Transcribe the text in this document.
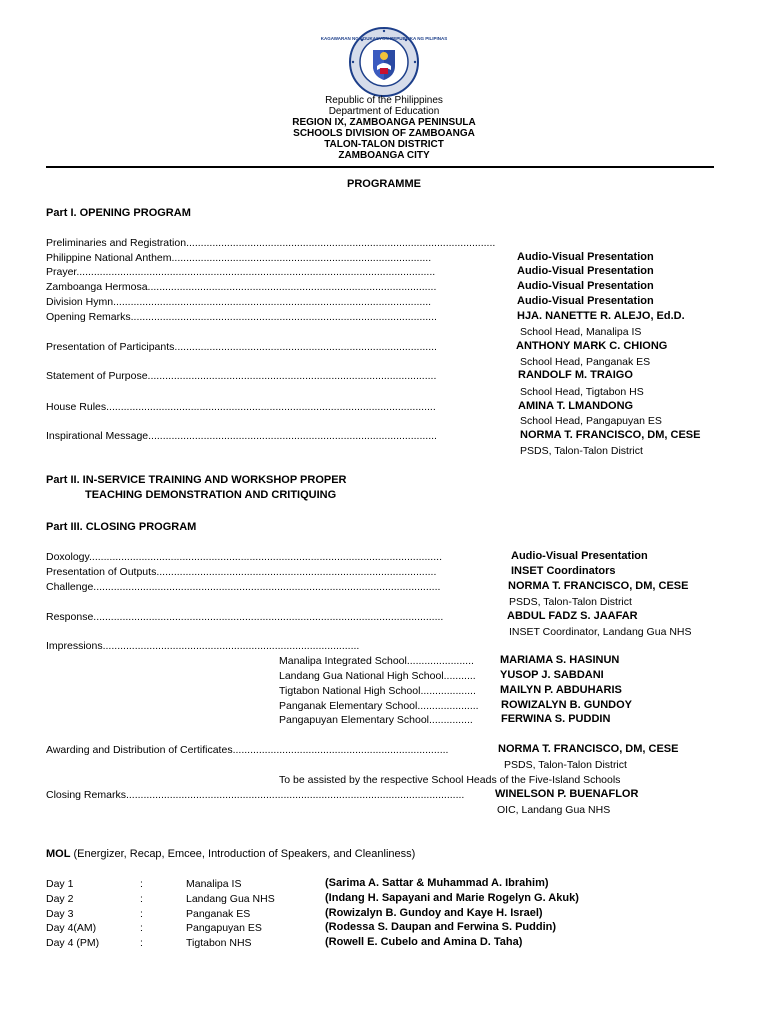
KAGAWARAN NG EDUKASYON REPUBLIKA NG PILIPINAS
Republic of the Philippines
Department of Education
REGION IX, ZAMBOANGA PENINSULA
SCHOOLS DIVISION OF ZAMBOANGA
TALON-TALON DISTRICT
ZAMBOANGA CITY
PROGRAMME
Part I. OPENING PROGRAM
Preliminaries and Registration..........................................................................................................
Philippine National Anthem.........................................................................................	Audio-Visual Presentation
Prayer...........................................................................................................................	Audio-Visual Presentation
Zamboanga Hermosa...................................................................................................	Audio-Visual Presentation
Division Hymn.............................................................................................................	Audio-Visual Presentation
Opening Remarks.........................................................................................................	HJA. NANETTE R. ALEJO, Ed.D.
School Head, Manalipa IS
Presentation of Participants..........................................................................................	ANTHONY MARK C. CHIONG
School Head, Panganak ES
Statement of Purpose...................................................................................................	RANDOLF M. TRAIGO
School Head, Tigtabon HS
House Rules.................................................................................................................	AMINA T. LMANDONG
School Head, Pangapuyan ES
Inspirational Message...................................................................................................	NORMA T. FRANCISCO, DM, CESE
PSDS, Talon-Talon District
Part II. IN-SERVICE TRAINING AND WORKSHOP PROPER
TEACHING DEMONSTRATION AND CRITIQUING
Part III. CLOSING PROGRAM
Doxology.........................................................................................................................	Audio-Visual Presentation
Presentation of Outputs................................................................................................	INSET Coordinators
Challenge.......................................................................................................................	NORMA T. FRANCISCO, DM, CESE
PSDS, Talon-Talon District
Response........................................................................................................................	ABDUL FADZ S. JAAFAR
INSET Coordinator, Landang Gua NHS
Impressions........................................................................................
Manalipa Integrated School....................... MARIAMA S. HASINUN
Landang Gua National High School........... YUSOP J. SABDANI
Tigtabon National High School................... MAILYN P. ABDUHARIS
Panganak Elementary School..................... ROWIZALYN B. GUNDOY
Pangapuyan Elementary School...............	FERWINA S. PUDDIN
Awarding and Distribution of Certificates..........................................................................	NORMA T. FRANCISCO, DM, CESE
PSDS, Talon-Talon District
To be assisted by the respective School Heads of the Five-Island Schools
Closing Remarks....................................................................................................................	WINELSON P. BUENAFLOR
OIC, Landang Gua NHS
MOL (Energizer, Recap, Emcee, Introduction of Speakers, and Cleanliness)
Day 1	:	Manalipa IS	(Sarima A. Sattar & Muhammad A. Ibrahim)
Day 2	:	Landang Gua NHS	(Indang H. Sapayani and Marie Rogelyn G. Akuk)
Day 3	:	Panganak ES	(Rowizalyn B. Gundoy and Kaye H. Israel)
Day 4(AM)	:	Pangapuyan ES	(Rodessa S. Daupan and Ferwina S. Puddin)
Day 4 (PM)	:	Tigtabon NHS	(Rowell E. Cubelo and Amina D. Taha)
